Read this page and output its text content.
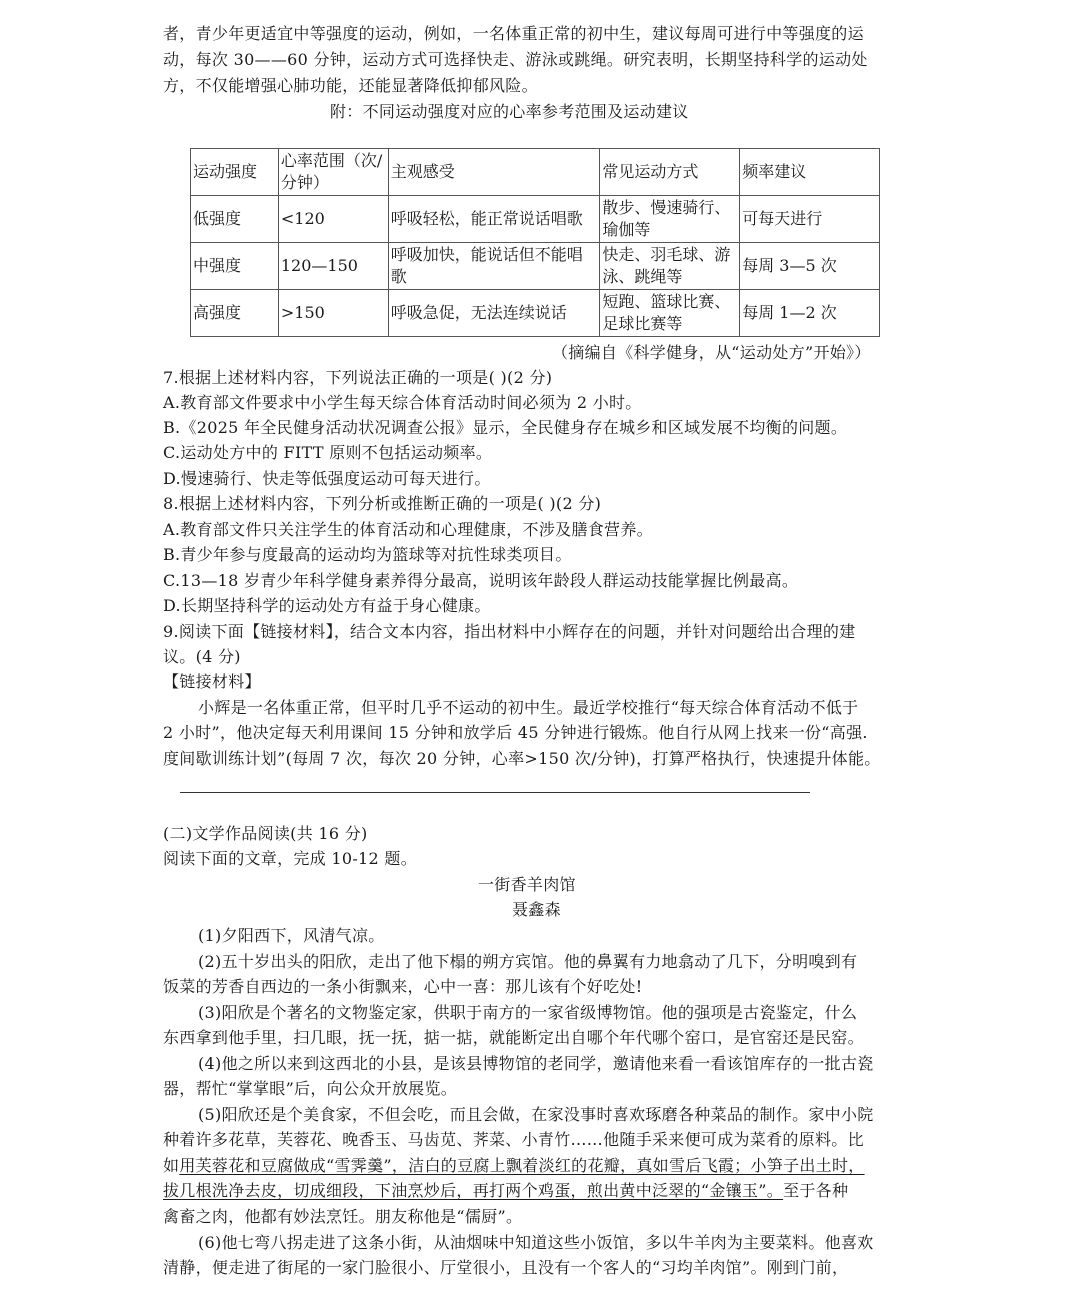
者，青少年更适宜中等强度的运动，例如，一名体重正常的初中生，建议每周可进行中等强度的运
动，每次 30——60 分钟，运动方式可选择快走、游泳或跳绳。研究表明，长期坚持科学的运动处
方，不仅能增强心肺功能，还能显著降低抑郁风险。
附：不同运动强度对应的心率参考范围及运动建议
运动强度	心率范围（次/分钟）	主观感受	常见运动方式	频率建议
低强度	<120	呼吸轻松，能正常说话唱歌	散步、慢速骑行、瑜伽等	可每天进行
中强度	120—150	呼吸加快，能说话但不能唱歌	快走、羽毛球、游泳、跳绳等	每周 3—5 次
高强度	>150	呼吸急促，无法连续说话	短跑、篮球比赛、足球比赛等	每周 1—2 次
（摘编自《科学健身，从“运动处方”开始》）
7.根据上述材料内容，下列说法正确的一项是( )(2 分)
A.教育部文件要求中小学生每天综合体育活动时间必须为 2 小时。
B.《2025 年全民健身活动状况调查公报》显示，全民健身存在城乡和区域发展不均衡的问题。
C.运动处方中的 FITT 原则不包括运动频率。
D.慢速骑行、快走等低强度运动可每天进行。
8.根据上述材料内容，下列分析或推断正确的一项是( )(2 分)
A.教育部文件只关注学生的体育活动和心理健康，不涉及膳食营养。
B.青少年参与度最高的运动均为篮球等对抗性球类项目。
C.13—18 岁青少年科学健身素养得分最高，说明该年龄段人群运动技能掌握比例最高。
D.长期坚持科学的运动处方有益于身心健康。
9.阅读下面【链接材料】，结合文本内容，指出材料中小辉存在的问题，并针对问题给出合理的建
议。(4 分)
【链接材料】
小辉是一名体重正常，但平时几乎不运动的初中生。最近学校推行“每天综合体育活动不低于
2 小时”，他决定每天利用课间 15 分钟和放学后 45 分钟进行锻炼。他自行从网上找来一份“高强.
度间歇训练计划”(每周 7 次，每次 20 分钟，心率>150 次/分钟)，打算严格执行，快速提升体能。
(二)文学作品阅读(共 16 分)
阅读下面的文章，完成 10-12 题。
一街香羊肉馆
聂鑫森
(1)夕阳西下，风清气凉。
(2)五十岁出头的阳欣，走出了他下榻的朔方宾馆。他的鼻翼有力地翕动了几下，分明嗅到有
饭菜的芳香自西边的一条小街飘来，心中一喜：那儿该有个好吃处!
(3)阳欣是个著名的文物鉴定家，供职于南方的一家省级博物馆。他的强项是古瓷鉴定，什么
东西拿到他手里，扫几眼，抚一抚，掂一掂，就能断定出自哪个年代哪个窑口，是官窑还是民窑。
(4)他之所以来到这西北的小县，是该县博物馆的老同学，邀请他来看一看该馆库存的一批古瓷
器，帮忙“掌掌眼”后，向公众开放展览。
(5)阳欣还是个美食家，不但会吃，而且会做，在家没事时喜欢琢磨各种菜品的制作。家中小院
种着许多花草，芙蓉花、晚香玉、马齿苋、荠菜、小青竹……他随手采来便可成为菜肴的原料。比
如用芙蓉花和豆腐做成“雪霁羹”，洁白的豆腐上飘着淡红的花瓣，真如雪后飞霞；小笋子出土时，
拔几根洗净去皮，切成细段，下油烹炒后，再打两个鸡蛋，煎出黄中泛翠的“金镶玉”。至于各种
禽畜之肉，他都有妙法烹饪。朋友称他是“儒厨”。
(6)他七弯八拐走进了这条小街，从油烟味中知道这些小饭馆，多以牛羊肉为主要菜料。他喜欢
清静，便走进了街尾的一家门脸很小、厅堂很小，且没有一个客人的“习均羊肉馆”。刚到门前，
